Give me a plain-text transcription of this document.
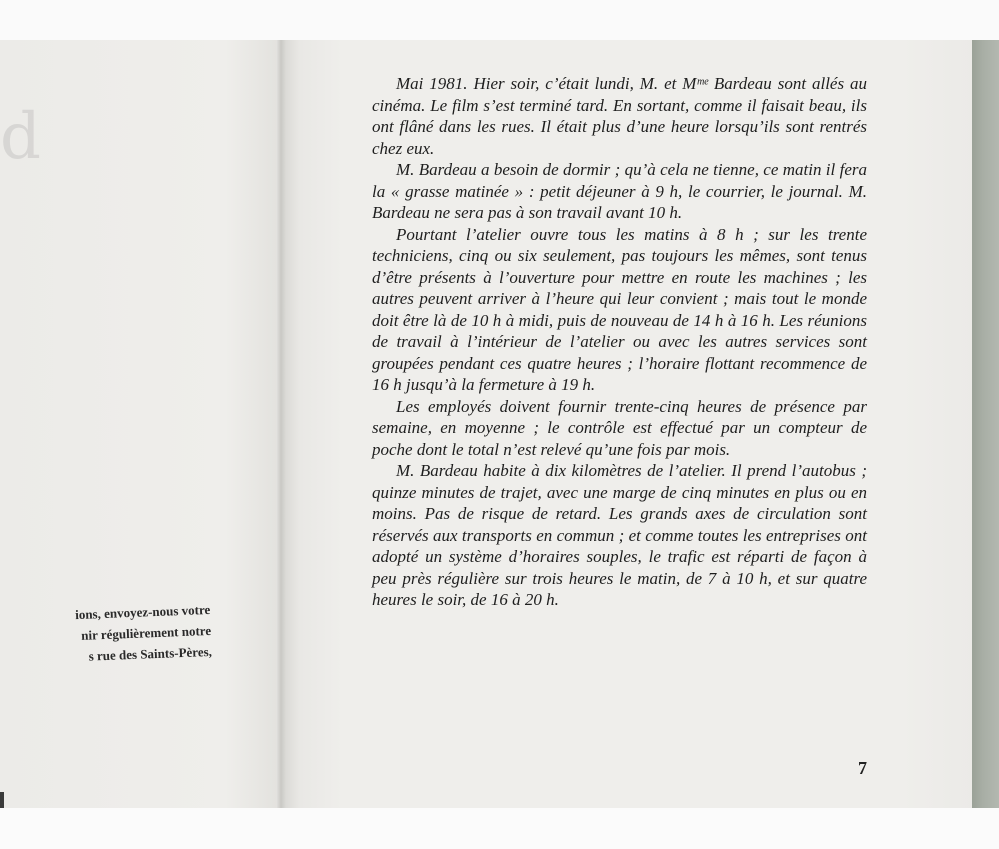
d
ions, envoyez-nous votre
nir régulièrement notre
s rue des Saints-Pères,

Mai 1981. Hier soir, c’était lundi, M. et Mᵐᵉ Bardeau sont allés au cinéma. Le film s’est terminé tard. En sortant, comme il faisait beau, ils ont flâné dans les rues. Il était plus d’une heure lorsqu’ils sont rentrés chez eux.

M. Bardeau a besoin de dormir ; qu’à cela ne tienne, ce matin il fera la « grasse matinée » : petit déjeuner à 9 h, le courrier, le journal. M. Bardeau ne sera pas à son travail avant 10 h.

Pourtant l’atelier ouvre tous les matins à 8 h ; sur les trente techniciens, cinq ou six seulement, pas toujours les mêmes, sont tenus d’être présents à l’ouverture pour mettre en route les machines ; les autres peuvent arriver à l’heure qui leur convient ; mais tout le monde doit être là de 10 h à midi, puis de nouveau de 14 h à 16 h. Les réunions de travail à l’intérieur de l’atelier ou avec les autres services sont groupées pendant ces quatre heures ; l’horaire flottant recommence de 16 h jusqu’à la fermeture à 19 h.

Les employés doivent fournir trente-cinq heures de présence par semaine, en moyenne ; le contrôle est effectué par un compteur de poche dont le total n’est relevé qu’une fois par mois.

M. Bardeau habite à dix kilomètres de l’atelier. Il prend l’autobus ; quinze minutes de trajet, avec une marge de cinq minutes en plus ou en moins. Pas de risque de retard. Les grands axes de circulation sont réservés aux transports en commun ; et comme toutes les entreprises ont adopté un système d’horaires souples, le trafic est réparti de façon à peu près régulière sur trois heures le matin, de 7 à 10 h, et sur quatre heures le soir, de 16 à 20 h.

7
